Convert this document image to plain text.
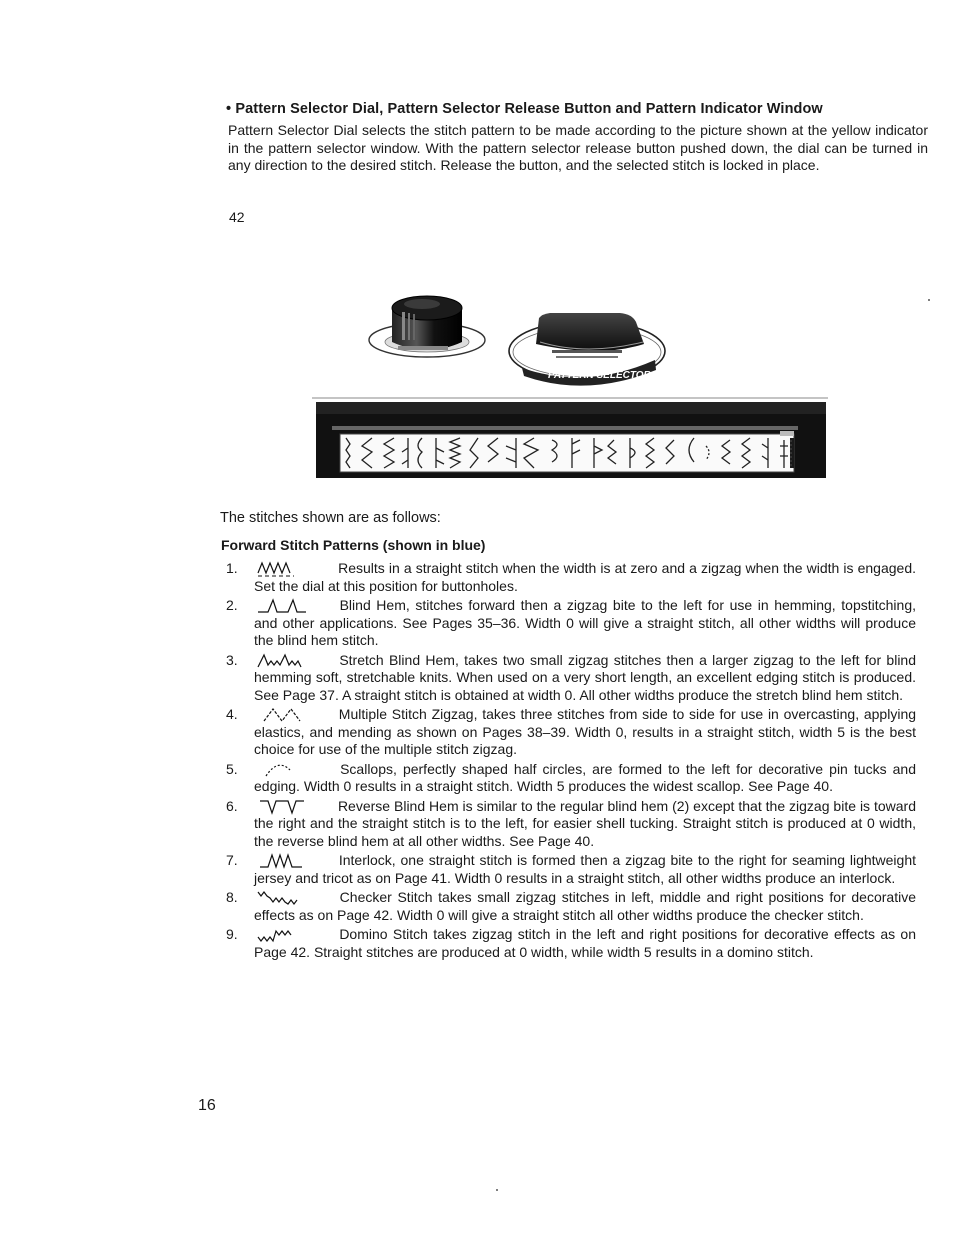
• Pattern Selector Dial, Pattern Selector Release Button and Pattern Indicator Window
Pattern Selector Dial selects the stitch pattern to be made according to the picture shown at the yellow indicator in the pattern selector window. With the pattern selector release button pushed down, the dial can be turned in any direction to the desired stitch. Release the button, and the selected stitch is locked in place.
42
PATTERN SELECTOR
The stitches shown are as follows:
Forward Stitch Patterns (shown in blue)
1.	Results in a straight stitch when the width is at zero and a zigzag when the width is engaged. Set the dial at this position for buttonholes.
2.	Blind Hem, stitches forward then a zigzag bite to the left for use in hemming, topstitching, and other applications. See Pages 35–36. Width 0 will give a straight stitch, all other widths will produce the blind hem stitch.
3.	Stretch Blind Hem, takes two small zigzag stitches then a larger zigzag to the left for blind hemming soft, stretchable knits. When used on a very short length, an excellent edging stitch is produced. See Page 37. A straight stitch is obtained at width 0. All other widths produce the stretch blind hem stitch.
4.	Multiple Stitch Zigzag, takes three stitches from side to side for use in overcasting, applying elastics, and mending as shown on Pages 38–39. Width 0, results in a straight stitch, width 5 is the best choice for use of the multiple stitch zigzag.
5.	Scallops, perfectly shaped half circles, are formed to the left for decorative pin tucks and edging. Width 0 results in a straight stitch. Width 5 produces the widest scallop. See Page 40.
6.	Reverse Blind Hem is similar to the regular blind hem (2) except that the zigzag bite is toward the right and the straight stitch is to the left, for easier shell tucking. Straight stitch is produced at 0 width, the reverse blind hem at all other widths. See Page 40.
7.	Interlock, one straight stitch is formed then a zigzag bite to the right for seaming lightweight jersey and tricot as on Page 41. Width 0 results in a straight stitch, all other widths produce an interlock.
8.	Checker Stitch takes small zigzag stitches in left, middle and right positions for decorative effects as on Page 42. Width 0 will give a straight stitch all other widths produce the checker stitch.
9.	Domino Stitch takes zigzag stitch in the left and right positions for decorative effects as on Page 42. Straight stitches are produced at 0 width, while width 5 results in a domino stitch.
16
